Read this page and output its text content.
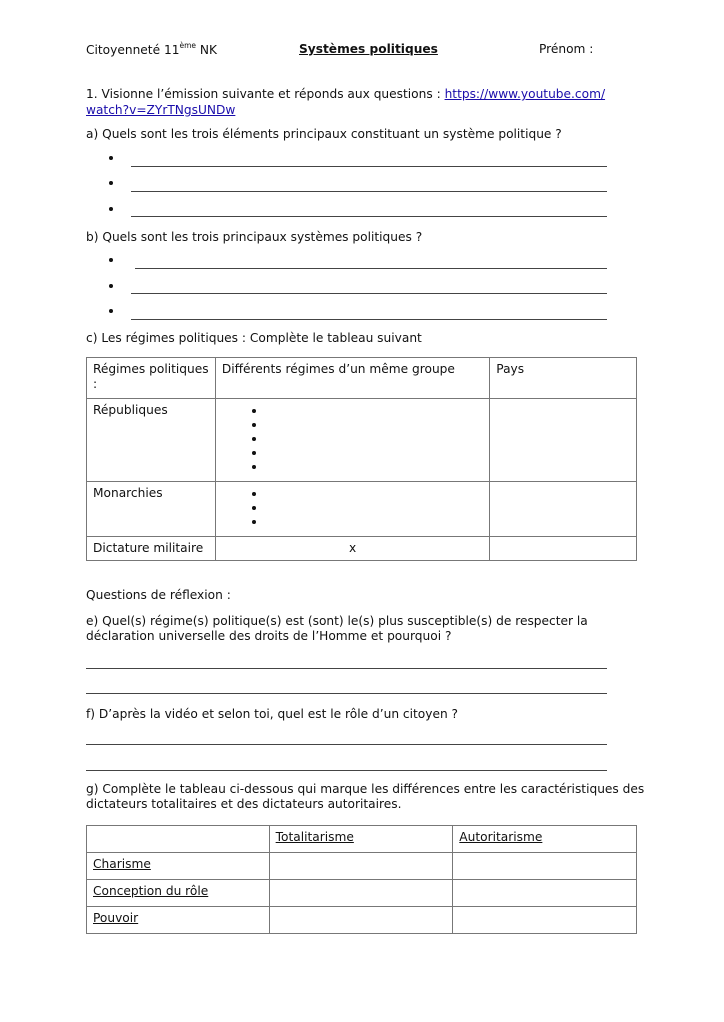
Citoyenneté 11ème NK	Systèmes politiques	Prénom :
1. Visionne l’émission suivante et réponds aux questions : https://www.youtube.com/
watch?v=ZYrTNgsUNDw
a) Quels sont les trois éléments principaux constituant un système politique ?
b) Quels sont les trois principaux systèmes politiques ?
c) Les régimes politiques : Complète le tableau suivant
Régimes politiques :	Différents régimes d’un même groupe	Pays
Républiques	

Monarchies	

Dictature militaire	x	
Questions de réflexion :
e) Quel(s) régime(s) politique(s) est (sont) le(s) plus susceptible(s) de respecter la déclaration universelle des droits de l’Homme et pourquoi ?
f) D’après la vidéo et selon toi, quel est le rôle d’un citoyen ?
g) Complète le tableau ci-dessous qui marque les différences entre les caractéristiques des dictateurs totalitaires et des dictateurs autoritaires.
	Totalitarisme	Autoritarisme
Charisme		
Conception du rôle		
Pouvoir		
